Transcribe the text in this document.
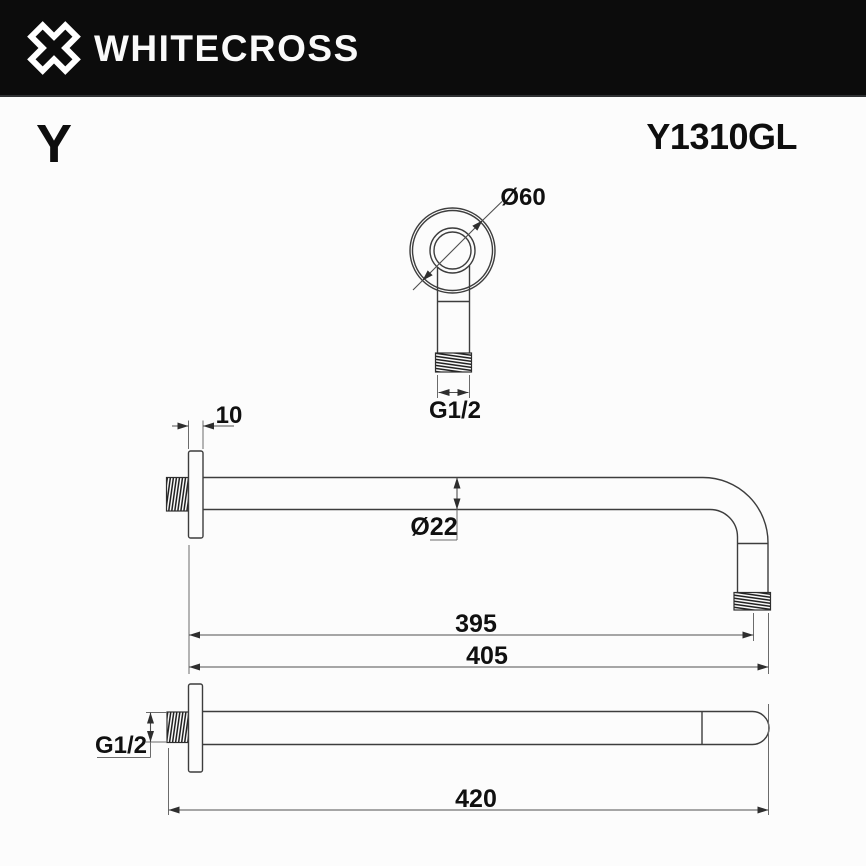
WHITECROSS
Y	Y1310GL
Ø60
G1/2
10
Ø22
395
405
G1/2
420
